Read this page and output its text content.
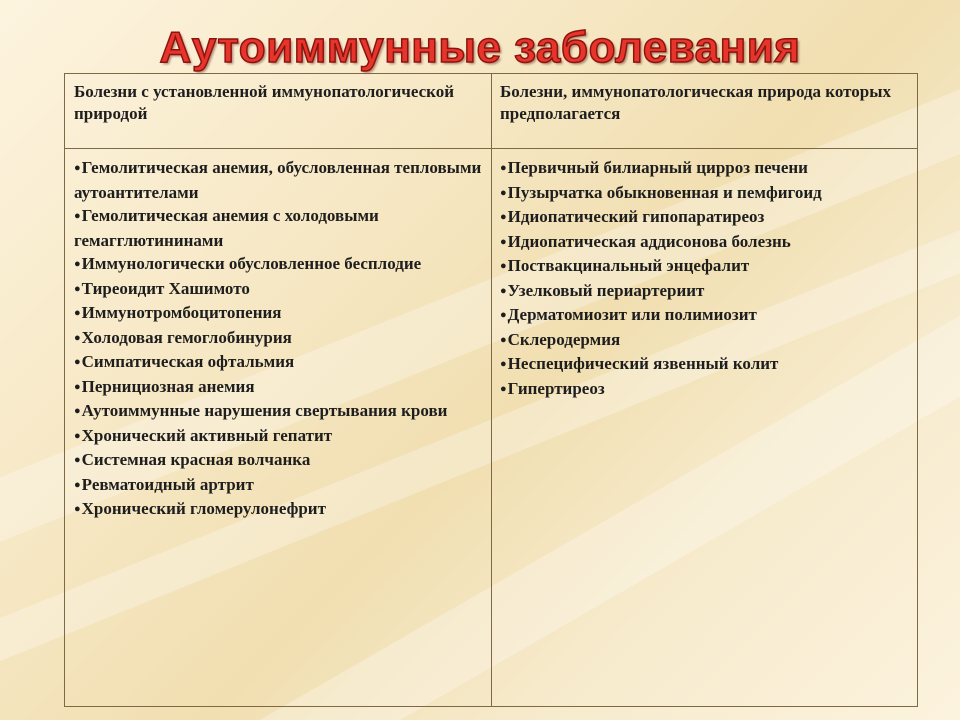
Аутоиммунные заболевания
Болезни с установленной иммунопатологической природой
Болезни, иммунопатологическая природа которых предполагается
●Гемолитическая анемия, обусловленная тепловыми аутоантителами
●Гемолитическая анемия с холодовыми гемагглютининами
●Иммунологически обусловленное бесплодие
●Тиреоидит Хашимото
●Иммунотромбоцитопения
●Холодовая гемоглобинурия
●Симпатическая офтальмия
●Пернициозная анемия
●Аутоиммунные нарушения свертывания крови
●Хронический активный гепатит
●Системная красная волчанка
●Ревматоидный артрит
●Хронический гломерулонефрит
●Первичный билиарный цирроз печени
●Пузырчатка обыкновенная и пемфигоид
●Идиопатический гипопаратиреоз
●Идиопатическая аддисонова болезнь
●Поствакцинальный энцефалит
●Узелковый периартериит
●Дерматомиозит или полимиозит
●Склеродермия
●Неспецифический язвенный колит
●Гипертиреоз
